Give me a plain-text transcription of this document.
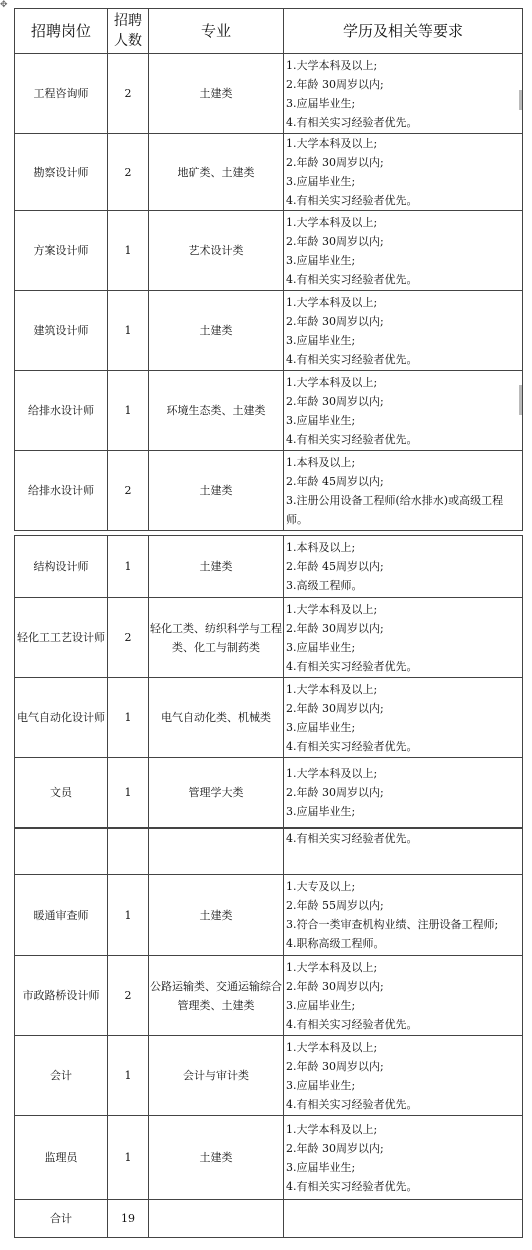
✥
招聘岗位	招聘人数	专业	学历及相关等要求
工程咨询师	2	土建类	1.大学本科及以上;
2.年龄 30周岁以内;
3.应届毕业生;
4.有相关实习经验者优先。

勘察设计师	2	地矿类、土建类	1.大学本科及以上;
2.年龄 30周岁以内;
3.应届毕业生;
4.有相关实习经验者优先。

方案设计师	1	艺术设计类	1.大学本科及以上;
2.年龄 30周岁以内;
3.应届毕业生;
4.有相关实习经验者优先。

建筑设计师	1	土建类	1.大学本科及以上;
2.年龄 30周岁以内;
3.应届毕业生;
4.有相关实习经验者优先。

给排水设计师	1	环境生态类、土建类	1.大学本科及以上;
2.年龄 30周岁以内;
3.应届毕业生;
4.有相关实习经验者优先。

给排水设计师	2	土建类	1.本科及以上;
2.年龄 45周岁以内;
3.注册公用设备工程师(给水排水)或高级工程师。
结构设计师	1	土建类	1.本科及以上;
2.年龄 45周岁以内;
3.高级工程师。

轻化工工艺设计师	2	轻化工类、纺织科学与工程类、化工与制药类	1.大学本科及以上;
2.年龄 30周岁以内;
3.应届毕业生;
4.有相关实习经验者优先。

电气自动化设计师	1	电气自动化类、机械类	1.大学本科及以上;
2.年龄 30周岁以内;
3.应届毕业生;
4.有相关实习经验者优先。

文员	1	管理学大类	1.大学本科及以上;
2.年龄 30周岁以内;
3.应届毕业生;

			4.有相关实习经验者优先。

暖通审查师	1	土建类	1.大专及以上;
2.年龄 55周岁以内;
3.符合一类审查机构业绩、注册设备工程师;
4.职称高级工程师。

市政路桥设计师	2	公路运输类、交通运输综合管理类、土建类	1.大学本科及以上;
2.年龄 30周岁以内;
3.应届毕业生;
4.有相关实习经验者优先。

会计	1	会计与审计类	1.大学本科及以上;
2.年龄 30周岁以内;
3.应届毕业生;
4.有相关实习经验者优先。

监理员	1	土建类	1.大学本科及以上;
2.年龄 30周岁以内;
3.应届毕业生;
4.有相关实习经验者优先。

合计	19		
